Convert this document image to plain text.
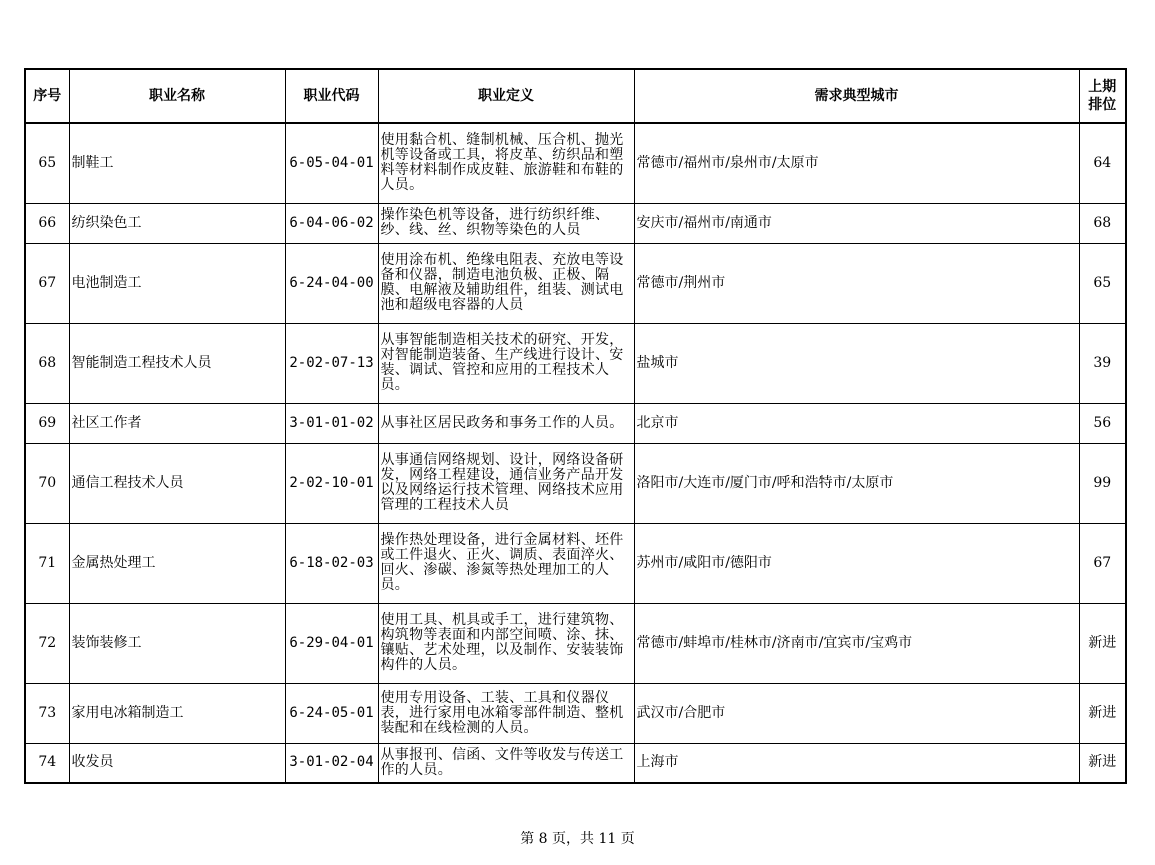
序号	职业名称	职业代码	职业定义	需求典型城市	上期排位
65	制鞋工	6-05-04-01	使用黏合机、缝制机械、压合机、抛光机等设备或工具，将皮革、纺织品和塑料等材料制作成皮鞋、旅游鞋和布鞋的人员。	常德市/福州市/泉州市/太原市	64
66	纺织染色工	6-04-06-02	操作染色机等设备，进行纺织纤维、纱、线、丝、织物等染色的人员	安庆市/福州市/南通市	68
67	电池制造工	6-24-04-00	使用涂布机、绝缘电阻表、充放电等设备和仪器，制造电池负极、正极、隔膜、电解液及辅助组件，组装、测试电池和超级电容器的人员	常德市/荆州市	65
68	智能制造工程技术人员	2-02-07-13	从事智能制造相关技术的研究、开发，对智能制造装备、生产线进行设计、安装、调试、管控和应用的工程技术人员。	盐城市	39
69	社区工作者	3-01-01-02	从事社区居民政务和事务工作的人员。	北京市	56
70	通信工程技术人员	2-02-10-01	从事通信网络规划、设计，网络设备研发，网络工程建设，通信业务产品开发以及网络运行技术管理、网络技术应用管理的工程技术人员	洛阳市/大连市/厦门市/呼和浩特市/太原市	99
71	金属热处理工	6-18-02-03	操作热处理设备，进行金属材料、坯件或工件退火、正火、调质、表面淬火、回火、渗碳、渗氮等热处理加工的人员。	苏州市/咸阳市/德阳市	67
72	装饰装修工	6-29-04-01	使用工具、机具或手工，进行建筑物、构筑物等表面和内部空间喷、涂、抹、镶贴、艺术处理，以及制作、安装装饰构件的人员。	常德市/蚌埠市/桂林市/济南市/宜宾市/宝鸡市	新进
73	家用电冰箱制造工	6-24-05-01	使用专用设备、工装、工具和仪器仪表，进行家用电冰箱零部件制造、整机装配和在线检测的人员。	武汉市/合肥市	新进
74	收发员	3-01-02-04	从事报刊、信函、文件等收发与传送工作的人员。	上海市	新进
第 8 页，共 11 页
